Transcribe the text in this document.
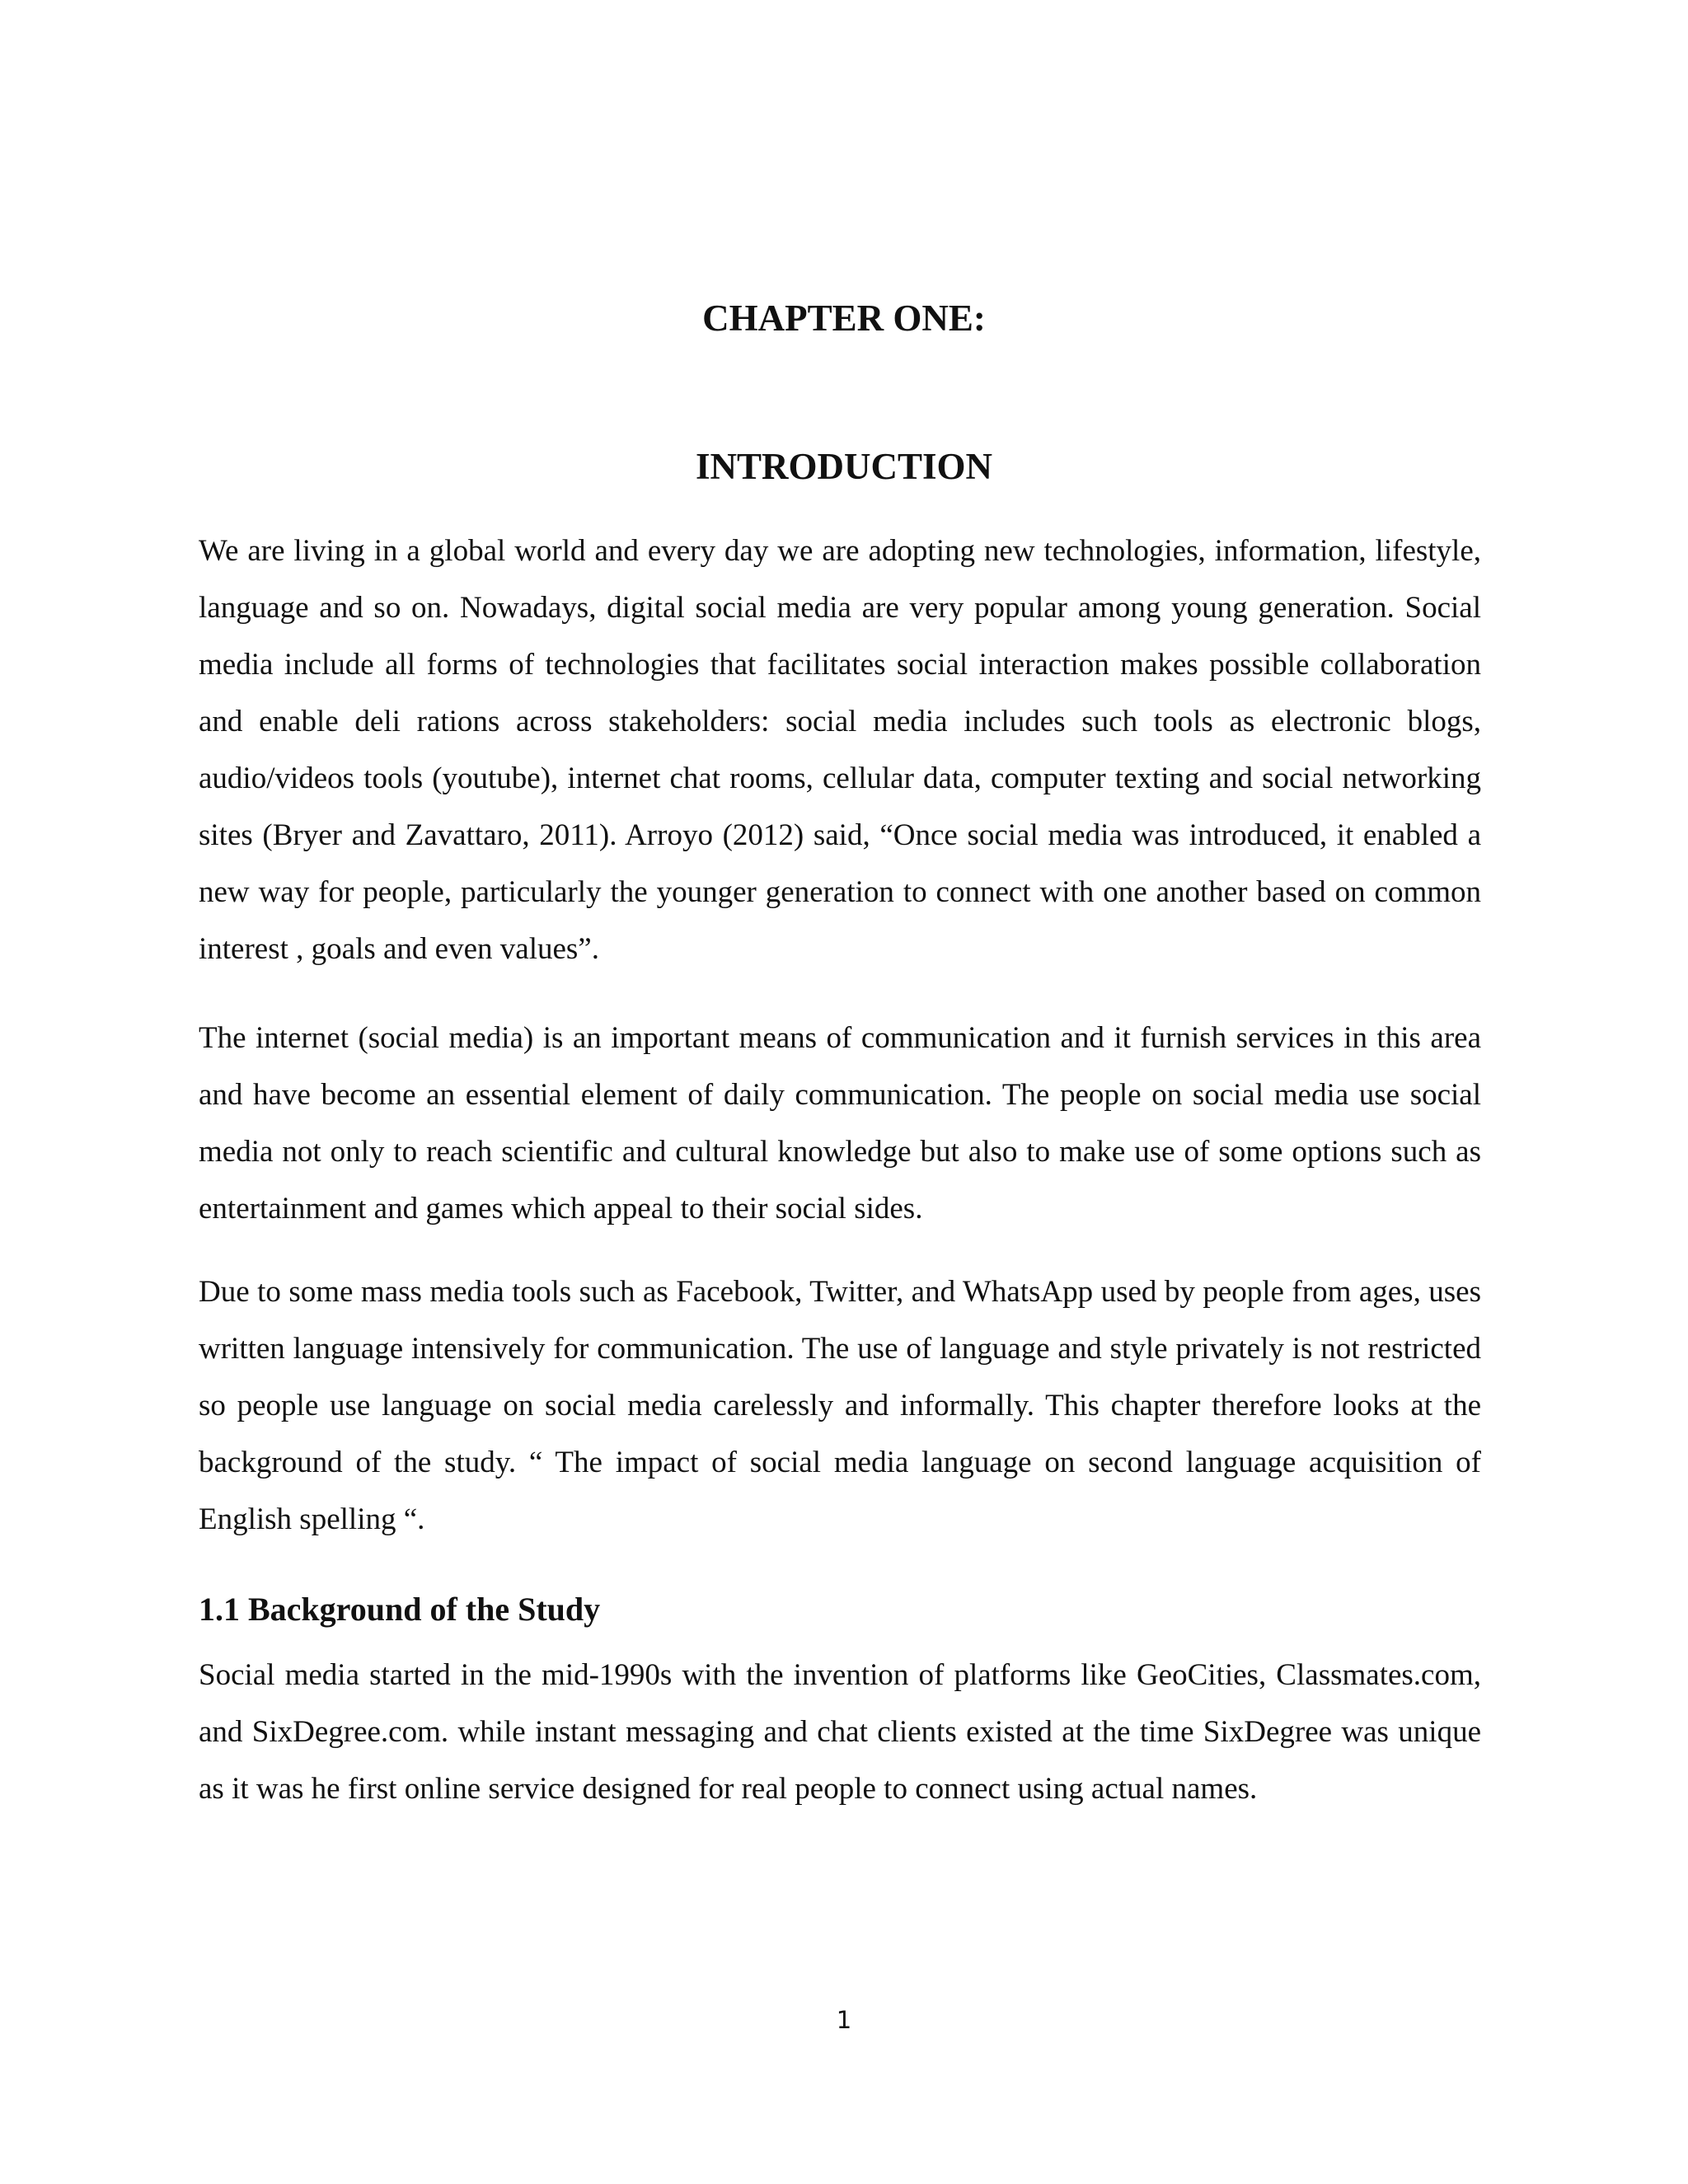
CHAPTER ONE:
INTRODUCTION

We are living in a global world and every day we are adopting new technologies, information, lifestyle, language and so on. Nowadays, digital social media are very popular among young generation. Social media include all forms of technologies that facilitates social interaction makes possible collaboration and enable deli rations across stakeholders: social media includes such tools as electronic blogs, audio/videos tools (youtube), internet chat rooms, cellular data, computer texting and social networking sites (Bryer and Zavattaro, 2011). Arroyo (2012) said, “Once social media was introduced, it enabled a new way for people, particularly the younger generation to connect with one another based on common interest , goals and even values”.

The internet (social media) is an important means of communication and it furnish services in this area and have become an essential element of daily communication. The people on social media use social media not only to reach scientific and cultural knowledge but also to make use of some options such as entertainment and games which appeal to their social sides.

Due to some mass media tools such as Facebook, Twitter, and WhatsApp used by people from ages, uses written language intensively for communication. The use of language and style privately is not restricted so people use language on social media carelessly and informally. This chapter therefore looks at the background of the study. “ The impact of social media language on second language acquisition of English spelling “.

1.1 Background of the Study

Social media started in the mid-1990s with the invention of platforms like GeoCities, Classmates.com, and SixDegree.com. while instant messaging and chat clients existed at the time SixDegree was unique as it was he first online service designed for real people to connect using actual names.

1
